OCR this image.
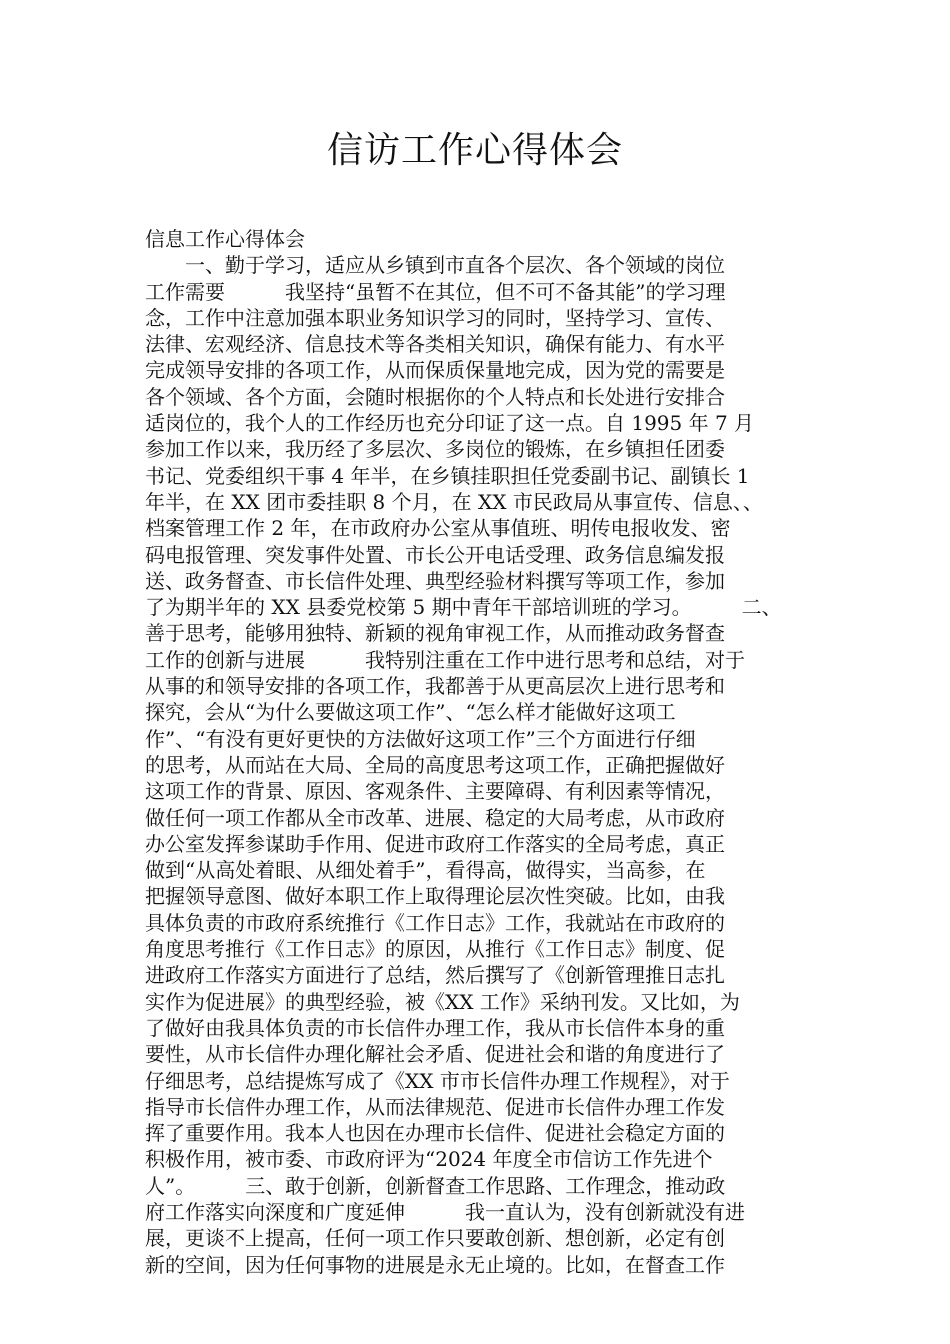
信访工作心得体会
信息工作心得体会
　　一、勤于学习，适应从乡镇到市直各个层次、各个领域的岗位
工作需要　　　我坚持“虽暂不在其位，但不可不备其能”的学习理
念，工作中注意加强本职业务知识学习的同时，坚持学习、宣传、
法律、宏观经济、信息技术等各类相关知识，确保有能力、有水平
完成领导安排的各项工作，从而保质保量地完成，因为党的需要是
各个领域、各个方面，会随时根据你的个人特点和长处进行安排合
适岗位的，我个人的工作经历也充分印证了这一点。自 1995 年 7 月
参加工作以来，我历经了多层次、多岗位的锻炼，在乡镇担任团委
书记、党委组织干事 4 年半，在乡镇挂职担任党委副书记、副镇长 1
年半，在 XX 团市委挂职 8 个月，在 XX 市民政局从事宣传、信息、、
档案管理工作 2 年，在市政府办公室从事值班、明传电报收发、密
码电报管理、突发事件处置、市长公开电话受理、政务信息编发报
送、政务督查、市长信件处理、典型经验材料撰写等项工作，参加
了为期半年的 XX 县委党校第 5 期中青年干部培训班的学习。　　　二、
善于思考，能够用独特、新颖的视角审视工作，从而推动政务督查
工作的创新与进展　　　我特别注重在工作中进行思考和总结，对于
从事的和领导安排的各项工作，我都善于从更高层次上进行思考和
探究，会从“为什么要做这项工作”、“怎么样才能做好这项工
作”、“有没有更好更快的方法做好这项工作”三个方面进行仔细
的思考，从而站在大局、全局的高度思考这项工作，正确把握做好
这项工作的背景、原因、客观条件、主要障碍、有利因素等情况，
做任何一项工作都从全市改革、进展、稳定的大局考虑，从市政府
办公室发挥参谋助手作用、促进市政府工作落实的全局考虑，真正
做到“从高处着眼、从细处着手”，看得高，做得实，当高参，在
把握领导意图、做好本职工作上取得理论层次性突破。比如，由我
具体负责的市政府系统推行《工作日志》工作，我就站在市政府的
角度思考推行《工作日志》的原因，从推行《工作日志》制度、促
进政府工作落实方面进行了总结，然后撰写了《创新管理推日志扎
实作为促进展》的典型经验，被《XX 工作》采纳刊发。又比如，为
了做好由我具体负责的市长信件办理工作，我从市长信件本身的重
要性，从市长信件办理化解社会矛盾、促进社会和谐的角度进行了
仔细思考，总结提炼写成了《XX 市市长信件办理工作规程》，对于
指导市长信件办理工作，从而法律规范、促进市长信件办理工作发
挥了重要作用。我本人也因在办理市长信件、促进社会稳定方面的
积极作用，被市委、市政府评为“2024 年度全市信访工作先进个
人”。　　　三、敢于创新，创新督查工作思路、工作理念，推动政
府工作落实向深度和广度延伸　　　我一直认为，没有创新就没有进
展，更谈不上提高，任何一项工作只要敢创新、想创新，必定有创
新的空间，因为任何事物的进展是永无止境的。比如，在督查工作
